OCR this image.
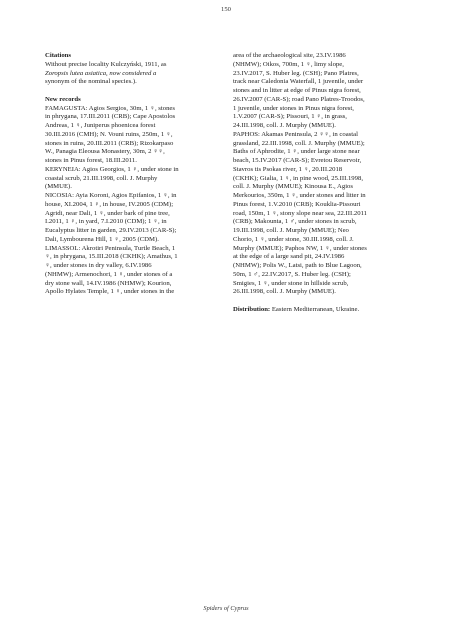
150

Citations

Without precise locality Kulczyński, 1911, as

Zoropsis lutea asiatica, now considered a

synonym of the nominal species.).

New records

FAMAGUSTA: Agios Sergios, 30m, 1 ♀, stones

in phrygana, 17.III.2011 (CRB); Cape Apostolos

Andreas, 1 ♀, Juniperus phoenicea forest

30.III.2016 (CMH); N. Vouni ruins, 250m, 1 ♀,

stones in ruins, 20.III.2011 (CRB); Rizokarpaso

W., Panagia Eleousa Monastery, 30m, 2 ♀♀,

stones in Pinus forest, 18.III.2011.

KERYNEIA: Agios Georgios, 1 ♀, under stone in

coastal scrub, 21.III.1998, coll. J. Murphy

(MMUE).

NICOSIA: Ayia Koroni, Agios Epifanios, 1 ♀, in

house, XI.2004, 1 ♀, in house, IV.2005 (CDM);

Agridi, near Dali, 1 ♀, under bark of pine tree,

I.2011, 1 ♀, in yard, 7.I.2010 (CDM); 1 ♀, in

Eucalyptus litter in garden, 29.IV.2013 (CAR-S);

Dali, Lymbourena Hill, 1 ♀, 2005 (CDM).

LIMASSOL: Akrotiri Peninsula, Turtle Beach, 1

♀, in phrygana, 15.III.2018 (CKHK); Amathus, 1

♀, under stones in dry valley, 6.IV.1986

(NHMW); Armenochori, 1 ♀, under stones of a

dry stone wall, 14.IV.1986 (NHMW); Kourion,

Apollo Hylates Temple, 1 ♀, under stones in the

area of the archaeological site, 23.IV.1986

(NHMW); Oikos, 700m, 1 ♀, limy slope,

23.IV.2017, S. Huber leg. (CSH); Pano Platres,

track near Caledonia Waterfall, 1 juvenile, under

stones and in litter at edge of Pinus nigra forest,

26.IV.2007 (CAR-S); road Pano Platres-Troodos,

1 juvenile, under stones in Pinus nigra forest,

1.V.2007 (CAR-S); Pissouri, 1 ♀, in grass,

24.III.1998, coll. J. Murphy (MMUE).

PAPHOS: Akamas Peninsula, 2 ♀♀, in coastal

grassland, 22.III.1998, coll. J. Murphy (MMUE);

Baths of Aphrodite, 1 ♀, under large stone near

beach, 15.IV.2017 (CAR-S); Evretou Reservoir,

Stavros tis Psokas river, 1 ♀, 20.III.2018

(CKHK); Gialia, 1 ♀, in pine wood, 25.III.1998,

coll. J. Murphy (MMUE); Kinousa E., Agios

Merkourios, 350m, 1 ♀, under stones and litter in

Pinus forest, 1.V.2010 (CRB); Kouklia-Pissouri

road, 150m, 1 ♀, stony slope near sea, 22.III.2011

(CRB); Makounta, 1 ♂, under stones in scrub,

19.III.1998, coll. J. Murphy (MMUE); Neo

Chorio, 1 ♀, under stone, 30.III.1998, coll. J.

Murphy (MMUE); Paphos NW, 1 ♀, under stones

at the edge of a large sand pit, 24.IV.1986

(NHMW); Polis W., Latsi, path to Blue Lagoon,

50m, 1 ♂, 22.IV.2017, S. Huber leg. (CSH);

Smigies, 1 ♀, under stone in hillside scrub,

26.III.1998, coll. J. Murphy (MMUE).

Distribution: Eastern Mediterranean, Ukraine.

Spiders of Cyprus
